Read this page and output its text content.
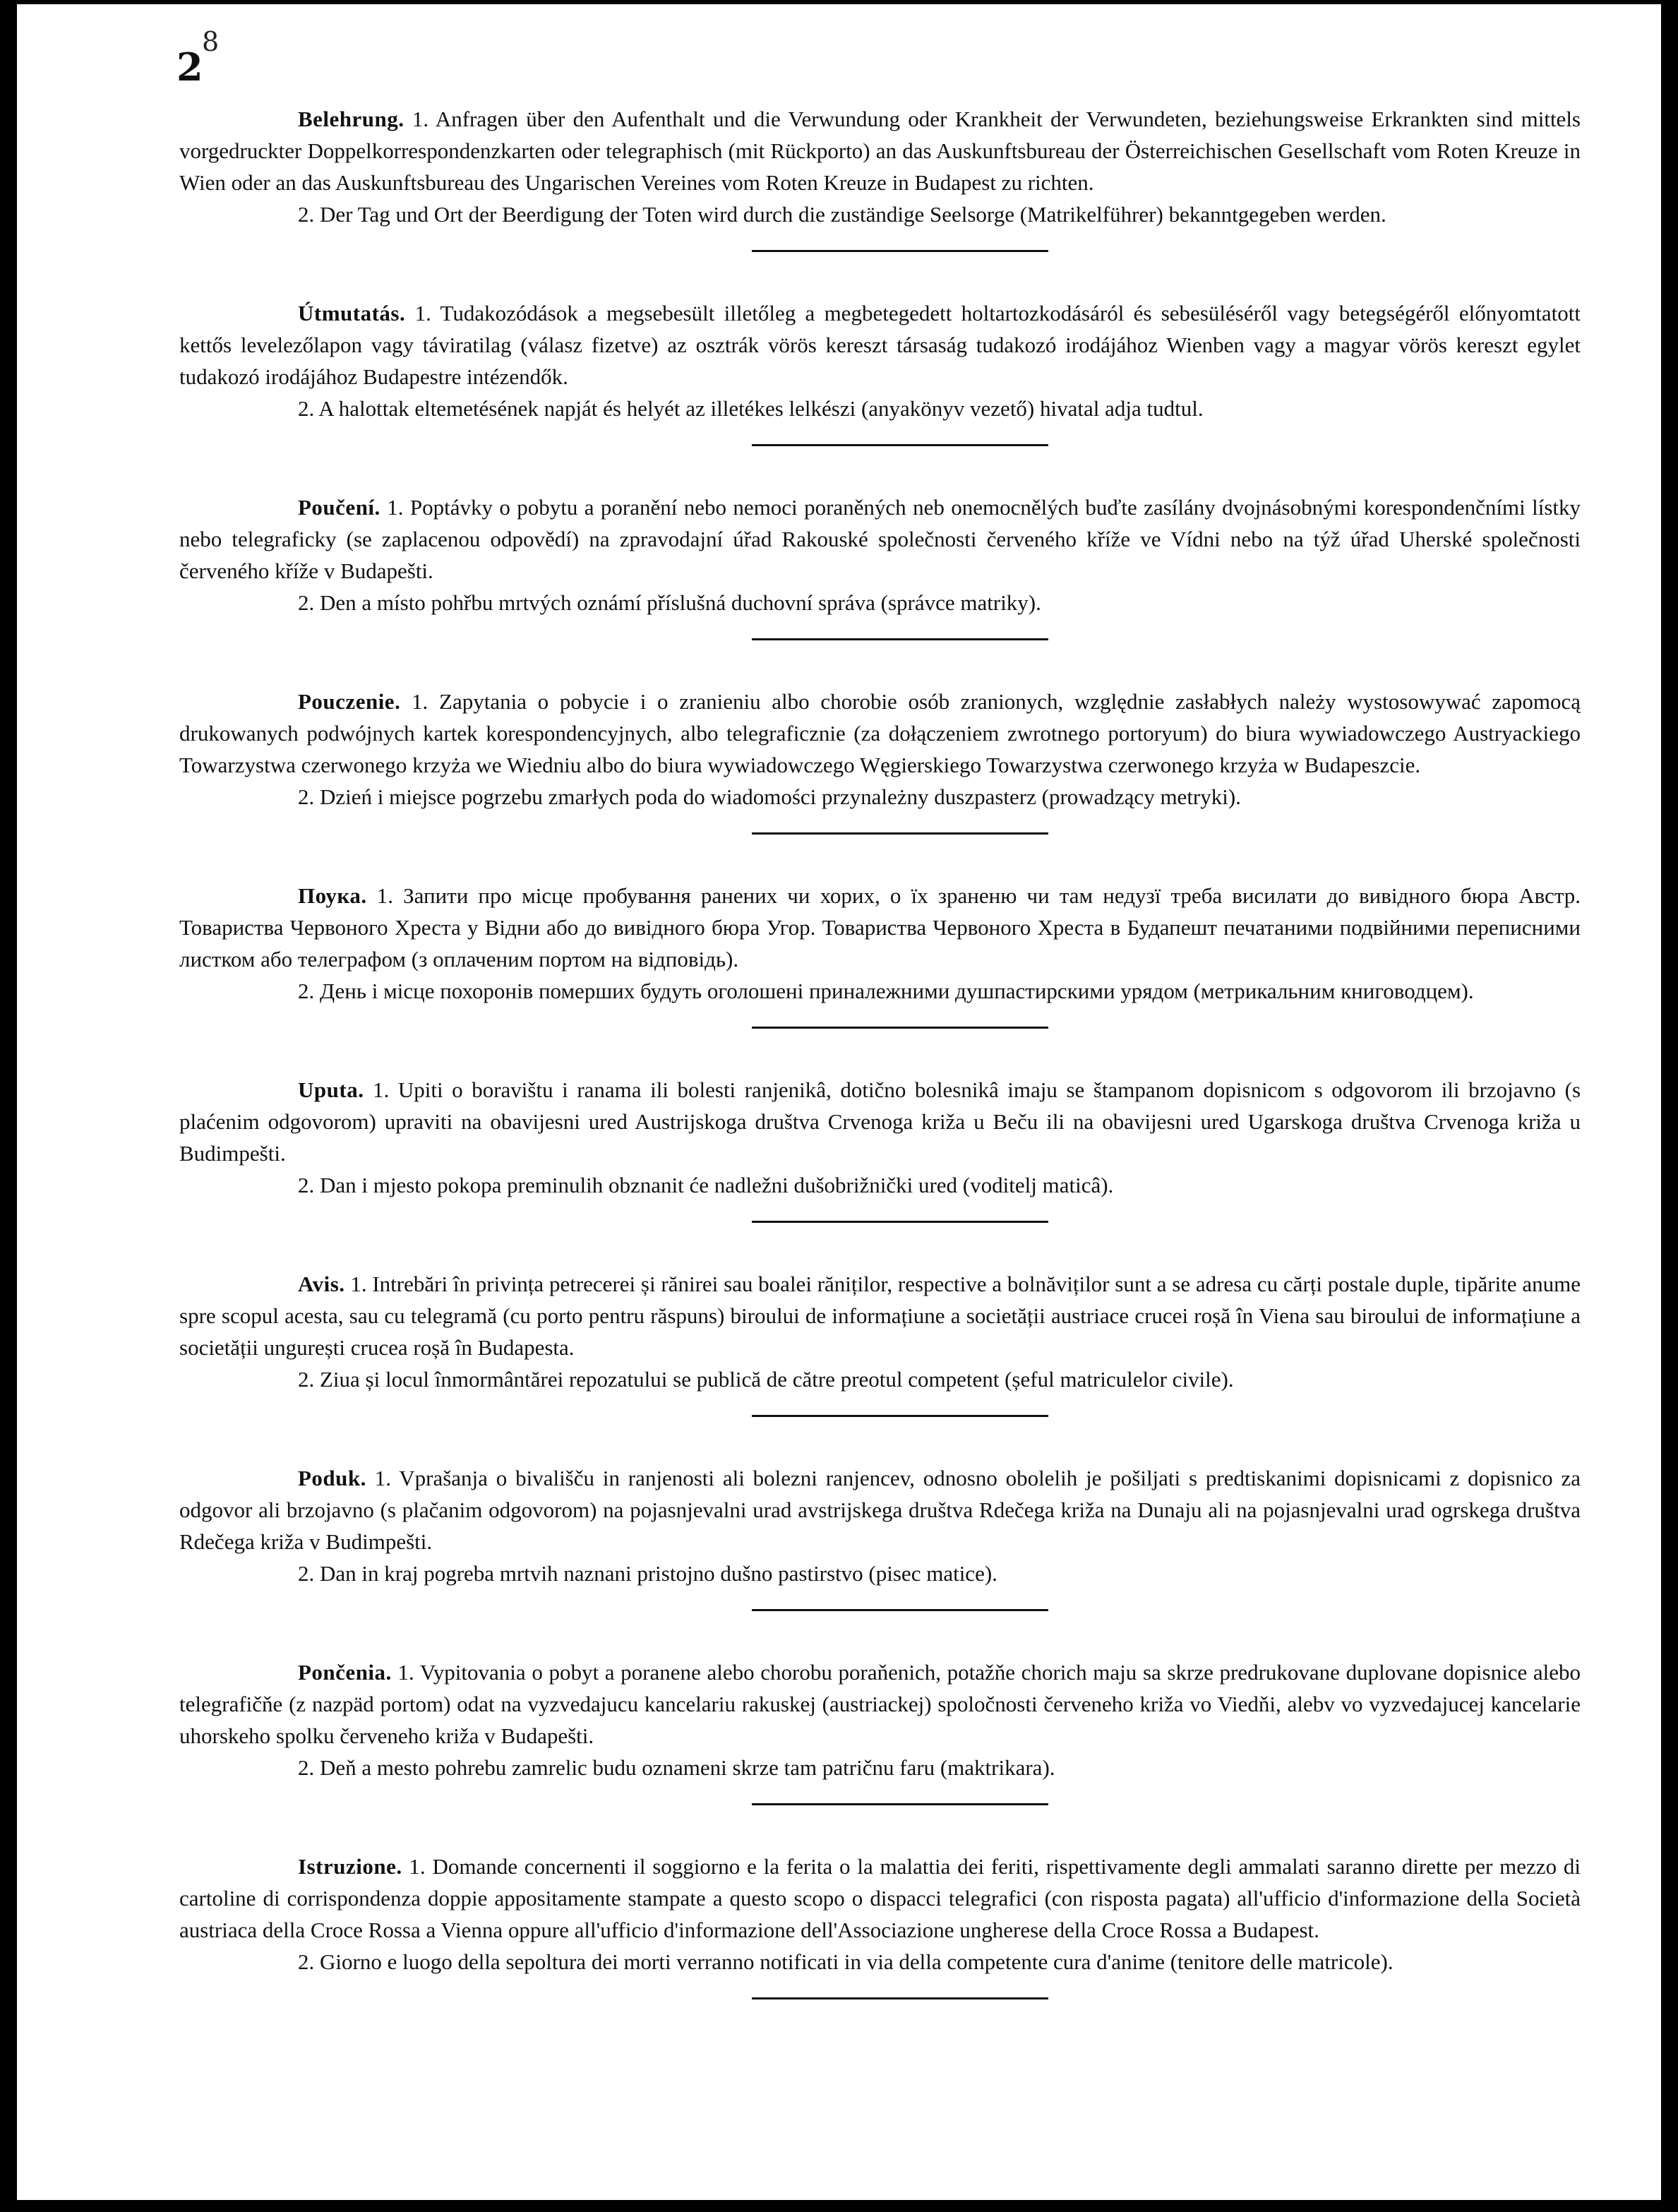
2
8

Belehrung. 1. Anfragen über den Aufenthalt und die Verwundung oder Krankheit der Verwundeten, beziehungsweise Erkrankten sind mittels vorgedruckter Doppelkorrespondenzkarten oder telegraphisch (mit Rückporto) an das Auskunftsbureau der Österreichischen Gesellschaft vom Roten Kreuze in Wien oder an das Auskunftsbureau des Ungarischen Vereines vom Roten Kreuze in Budapest zu richten.

2. Der Tag und Ort der Beerdigung der Toten wird durch die zuständige Seelsorge (Matrikelführer) bekanntgegeben werden.

Útmutatás. 1. Tudakozódások a megsebesült illetőleg a megbetegedett holtartozkodásáról és sebesüléséről vagy betegségéről előnyomtatott kettős levelezőlapon vagy táviratilag (válasz fizetve) az osztrák vörös kereszt társaság tudakozó irodájához Wienben vagy a magyar vörös kereszt egylet tudakozó irodájához Budapestre intézendők.

2. A halottak eltemetésének napját és helyét az illetékes lelkészi (anyakönyv vezető) hivatal adja tudtul.

Poučení. 1. Poptávky o pobytu a poranění nebo nemoci poraněných neb onemocnělých buďte zasílány dvojnásobnými korespondenčními lístky nebo telegraficky (se zaplacenou odpovědí) na zpravodajní úřad Rakouské společnosti červeného kříže ve Vídni nebo na týž úřad Uherské společnosti červeného kříže v Budapešti.

2. Den a místo pohřbu mrtvých oznámí příslušná duchovní správa (správce matriky).

Pouczenie. 1. Zapytania o pobycie i o zranieniu albo chorobie osób zranionych, względnie zasłabłych należy wystosowywać zapomocą drukowanych podwójnych kartek korespondencyjnych, albo telegraficznie (za dołączeniem zwrotnego portoryum) do biura wywiadowczego Austryackiego Towarzystwa czerwonego krzyża we Wiedniu albo do biura wywiadowczego Węgierskiego Towarzystwa czerwonego krzyża w Budapeszcie.

2. Dzień i miejsce pogrzebu zmarłych poda do wiadomości przynależny duszpasterz (prowadzący metryki).

Поука. 1. Запити про місце пробування ранених чи хорих, о їх зраненю чи там недузї треба висилати до вивідного бюра Австр. Товариства Червоного Хреста у Відни або до вивідного бюра Угор. Товариства Червоного Хреста в Будапешт печатаними подвійними переписними листком або телеграфом (з оплаченим портом на відповідь).

2. День і місце похоронів померших будуть оголошені приналежними душпастирскими урядом (метрикальним книговодцем).

Uputa. 1. Upiti o boravištu i ranama ili bolesti ranjenikâ, dotično bolesnikâ imaju se štampanom dopisnicom s odgovorom ili brzojavno (s plaćenim odgovorom) upraviti na obavijesni ured Austrijskoga društva Crvenoga križa u Beču ili na obavijesni ured Ugarskoga društva Crvenoga križa u Budimpešti.

2. Dan i mjesto pokopa preminulih obznanit će nadležni dušobrižnički ured (voditelj maticâ).

Avis. 1. Intrebări în privința petrecerei și rănirei sau boalei răniților, respective a bolnăviților sunt a se adresa cu cărți postale duple, tipărite anume spre scopul acesta, sau cu telegramă (cu porto pentru răspuns) biroului de informațiune a societății austriace crucei roșă în Viena sau biroului de informațiune a societății ungurești crucea roșă în Budapesta.

2. Ziua și locul înmormântărei repozatului se publică de către preotul competent (șeful matriculelor civile).

Poduk. 1. Vprašanja o bivališču in ranjenosti ali bolezni ranjencev, odnosno obolelih je pošiljati s predtiskanimi dopisnicami z dopisnico za odgovor ali brzojavno (s plačanim odgovorom) na pojasnjevalni urad avstrijskega društva Rdečega križa na Dunaju ali na pojasnjevalni urad ogrskega društva Rdečega križa v Budimpešti.

2. Dan in kraj pogreba mrtvih naznani pristojno dušno pastirstvo (pisec matice).

Pončenia. 1. Vypitovania o pobyt a poranene alebo chorobu poraňenich, potažňe chorich maju sa skrze predrukovane duplovane dopisnice alebo telegrafičňe (z nazpäd portom) odat na vyzvedajucu kancelariu rakuskej (austriackej) spoločnosti červeneho križa vo Viedňi, alebv vo vyzvedajucej kancelarie uhorskeho spolku červeneho križa v Budapešti.

2. Deň a mesto pohrebu zamrelic budu oznameni skrze tam patričnu faru (maktrikara).

Istruzione. 1. Domande concernenti il soggiorno e la ferita o la malattia dei feriti, rispettivamente degli ammalati saranno dirette per mezzo di cartoline di corrispondenza doppie appositamente stampate a questo scopo o dispacci telegrafici (con risposta pagata) all'ufficio d'informazione della Società austriaca della Croce Rossa a Vienna oppure all'ufficio d'informazione dell'Associazione ungherese della Croce Rossa a Budapest.

2. Giorno e luogo della sepoltura dei morti verranno notificati in via della competente cura d'anime (tenitore delle matricole).
